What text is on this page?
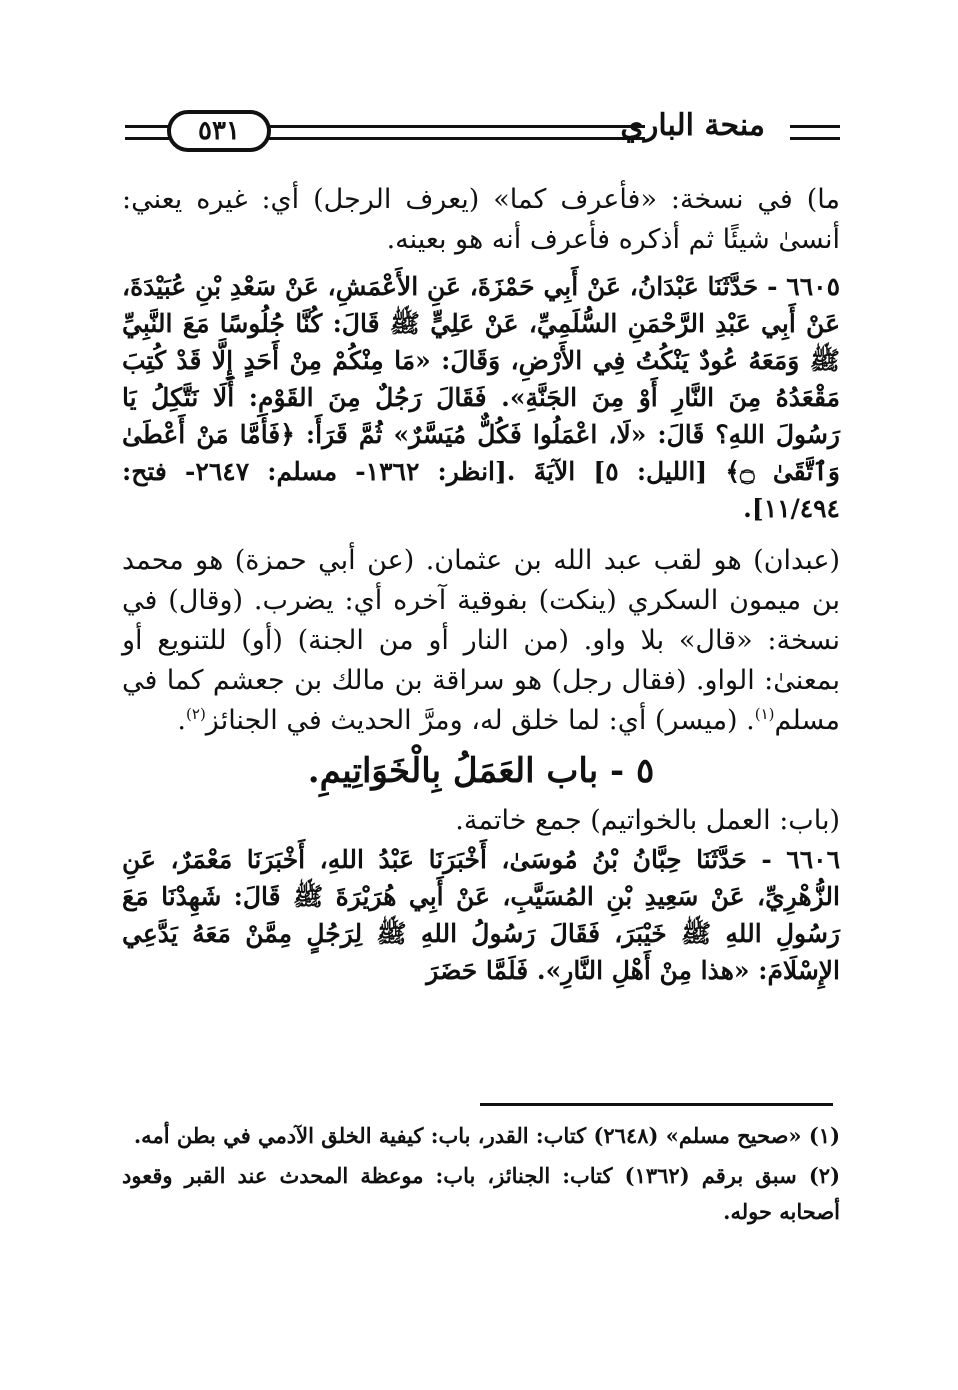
منحة الباري
٥٣١

ما) في نسخة: «فأعرف كما» (يعرف الرجل) أي: غيره يعني: أنسىٰ شيئًا ثم أذكره فأعرف أنه هو بعينه.

٦٦٠٥ - حَدَّثَنَا عَبْدَانُ، عَنْ أَبِي حَمْزَةَ، عَنِ الأَعْمَشِ، عَنْ سَعْدِ بْنِ عُبَيْدَةَ، عَنْ أَبِي عَبْدِ الرَّحْمَنِ السُّلَمِيِّ، عَنْ عَلِيٍّ ﷺ قَالَ: كُنَّا جُلُوسًا مَعَ النَّبِيِّ ﷺ وَمَعَهُ عُودٌ يَنْكُتُ فِي الأَرْضِ، وَقَالَ: «مَا مِنْكُمْ مِنْ أَحَدٍ إِلَّا قَدْ كُتِبَ مَقْعَدُهُ مِنَ النَّارِ أَوْ مِنَ الجَنَّةِ». فَقَالَ رَجُلٌ مِنَ القَوْمِ: أَلَا نَتَّكِلُ يَا رَسُولَ اللهِ؟ قَالَ: «لَا، اعْمَلُوا فَكُلٌّ مُيَسَّرٌ» ثُمَّ قَرَأَ: ﴿فَأَمَّا مَنْ أَعْطَىٰ وَٱتَّقَىٰ ۝﴾ [الليل: ٥] الآيَةَ .[انظر: ١٣٦٢- مسلم: ٢٦٤٧- فتح: ١١/٤٩٤].

(عبدان) هو لقب عبد الله بن عثمان. (عن أبي حمزة) هو محمد بن ميمون السكري (ينكت) بفوقية آخره أي: يضرب. (وقال) في نسخة: «قال» بلا واو. (من النار أو من الجنة) (أو) للتنويع أو بمعنىٰ: الواو. (فقال رجل) هو سراقة بن مالك بن جعشم كما في مسلم$^{(١)}$. (ميسر) أي: لما خلق له، ومرَّ الحديث في الجنائز$^{(٢)}$.

٥ - باب العَمَلُ بِالْخَوَاتِيمِ.

(باب: العمل بالخواتيم) جمع خاتمة.

٦٦٠٦ - حَدَّثَنَا حِبَّانُ بْنُ مُوسَىٰ، أَخْبَرَنَا عَبْدُ اللهِ، أَخْبَرَنَا مَعْمَرٌ، عَنِ الزُّهْرِيِّ، عَنْ سَعِيدِ بْنِ المُسَيَّبِ، عَنْ أَبِي هُرَيْرَةَ ﷺ قَالَ: شَهِدْنَا مَعَ رَسُولِ اللهِ ﷺ خَيْبَرَ، فَقَالَ رَسُولُ اللهِ ﷺ لِرَجُلٍ مِمَّنْ مَعَهُ يَدَّعِي الإِسْلَامَ: «هذا مِنْ أَهْلِ النَّارِ». فَلَمَّا حَضَرَ

(١) «صحيح مسلم» (٢٦٤٨) كتاب: القدر، باب: كيفية الخلق الآدمي في بطن أمه.

(٢) سبق برقم (١٣٦٢) كتاب: الجنائز، باب: موعظة المحدث عند القبر وقعود أصحابه حوله.
